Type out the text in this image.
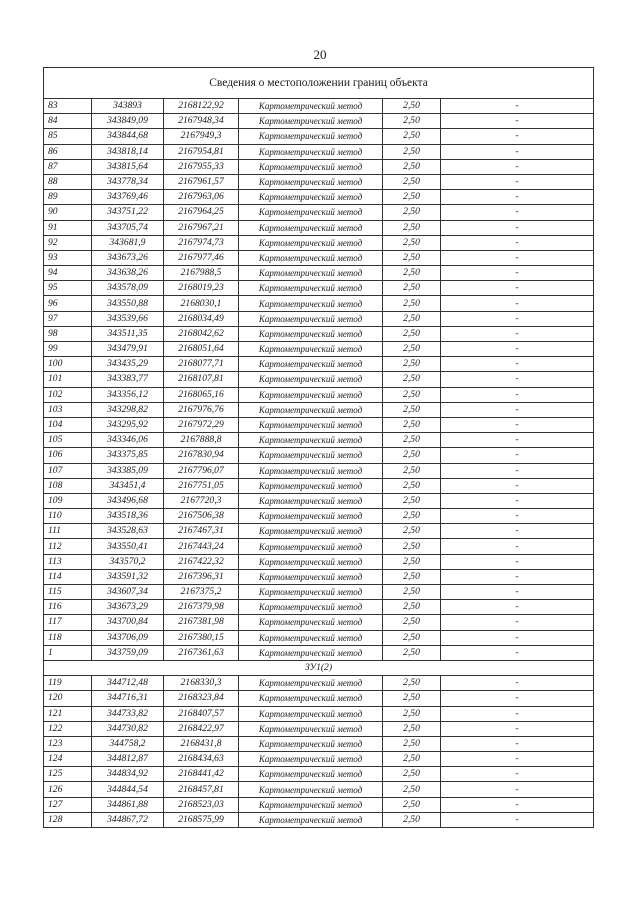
20
Сведения о местоположении границ объекта					
83	343893	2168122,92	Картометрический метод	2,50	-
84	343849,09	2167948,34	Картометрический метод	2,50	-
85	343844,68	2167949,3	Картометрический метод	2,50	-
86	343818,14	2167954,81	Картометрический метод	2,50	-
87	343815,64	2167955,33	Картометрический метод	2,50	-
88	343778,34	2167961,57	Картометрический метод	2,50	-
89	343769,46	2167963,06	Картометрический метод	2,50	-
90	343751,22	2167964,25	Картометрический метод	2,50	-
91	343705,74	2167967,21	Картометрический метод	2,50	-
92	343681,9	2167974,73	Картометрический метод	2,50	-
93	343673,26	2167977,46	Картометрический метод	2,50	-
94	343638,26	2167988,5	Картометрический метод	2,50	-
95	343578,09	2168019,23	Картометрический метод	2,50	-
96	343550,88	2168030,1	Картометрический метод	2,50	-
97	343539,66	2168034,49	Картометрический метод	2,50	-
98	343511,35	2168042,62	Картометрический метод	2,50	-
99	343479,91	2168051,64	Картометрический метод	2,50	-
100	343435,29	2168077,71	Картометрический метод	2,50	-
101	343383,77	2168107,81	Картометрический метод	2,50	-
102	343356,12	2168065,16	Картометрический метод	2,50	-
103	343298,82	2167976,76	Картометрический метод	2,50	-
104	343295,92	2167972,29	Картометрический метод	2,50	-
105	343346,06	2167888,8	Картометрический метод	2,50	-
106	343375,85	2167830,94	Картометрический метод	2,50	-
107	343385,09	2167796,07	Картометрический метод	2,50	-
108	343451,4	2167751,05	Картометрический метод	2,50	-
109	343496,68	2167720,3	Картометрический метод	2,50	-
110	343518,36	2167506,38	Картометрический метод	2,50	-
111	343528,63	2167467,31	Картометрический метод	2,50	-
112	343550,41	2167443,24	Картометрический метод	2,50	-
113	343570,2	2167422,32	Картометрический метод	2,50	-
114	343591,32	2167396,31	Картометрический метод	2,50	-
115	343607,34	2167375,2	Картометрический метод	2,50	-
116	343673,29	2167379,98	Картометрический метод	2,50	-
117	343700,84	2167381,98	Картометрический метод	2,50	-
118	343706,09	2167380,15	Картометрический метод	2,50	-
1	343759,09	2167361,63	Картометрический метод	2,50	-
ЗУ1(2)					
119	344712,48	2168330,3	Картометрический метод	2,50	-
120	344716,31	2168323,84	Картометрический метод	2,50	-
121	344733,82	2168407,57	Картометрический метод	2,50	-
122	344730,82	2168422,97	Картометрический метод	2,50	-
123	344758,2	2168431,8	Картометрический метод	2,50	-
124	344812,87	2168434,63	Картометрический метод	2,50	-
125	344834,92	2168441,42	Картометрический метод	2,50	-
126	344844,54	2168457,81	Картометрический метод	2,50	-
127	344861,88	2168523,03	Картометрический метод	2,50	-
128	344867,72	2168575,99	Картометрический метод	2,50	-
